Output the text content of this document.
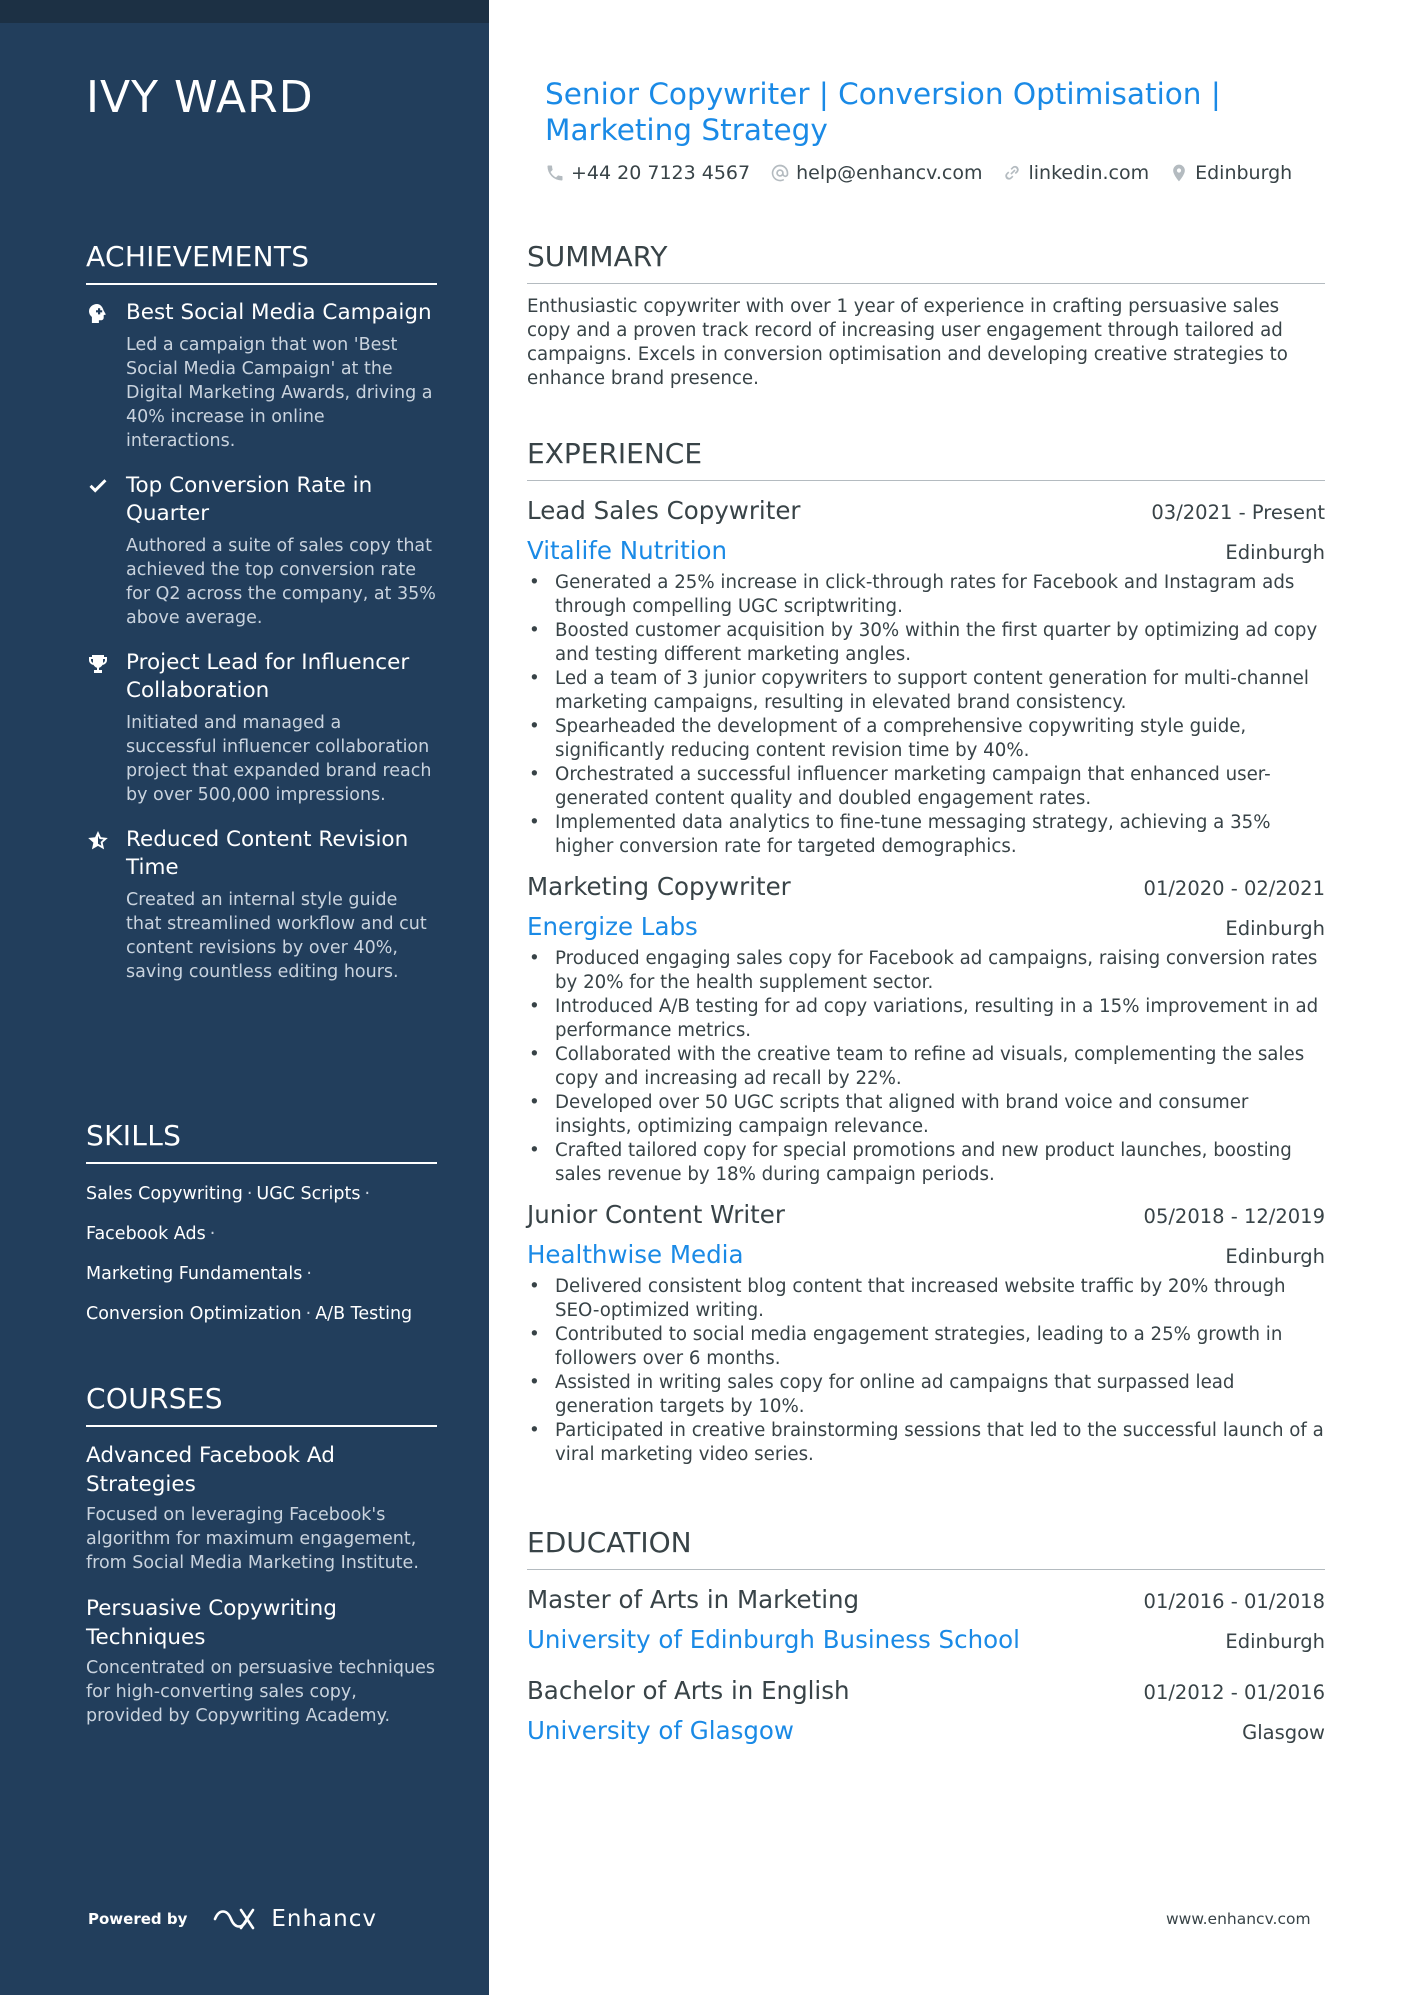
IVY WARD
ACHIEVEMENTS
Best Social Media Campaign
Led a campaign that won 'Best Social Media Campaign' at the Digital Marketing Awards, driving a 40% increase in online interactions.
Top Conversion Rate in Quarter
Authored a suite of sales copy that achieved the top conversion rate for Q2 across the company, at 35% above average.
Project Lead for Influencer Collaboration
Initiated and managed a successful influencer collaboration project that expanded brand reach by over 500,000 impressions.
Reduced Content Revision Time
Created an internal style guide that streamlined workflow and cut content revisions by over 40%, saving countless editing hours.
SKILLS
Sales Copywriting · UGC Scripts ·
Facebook Ads ·
Marketing Fundamentals ·
Conversion Optimization · A/B Testing
COURSES
Advanced Facebook Ad Strategies
Focused on leveraging Facebook's algorithm for maximum engagement, from Social Media Marketing Institute.
Persuasive Copywriting Techniques
Concentrated on persuasive techniques for high-converting sales copy, provided by Copywriting Academy.
Powered by	Enhancv
Senior Copywriter | Conversion Optimisation | Marketing Strategy
+44 20 7123 4567 help@enhancv.com linkedin.com Edinburgh
SUMMARY
Enthusiastic copywriter with over 1 year of experience in crafting persuasive sales copy and a proven track record of increasing user engagement through tailored ad campaigns. Excels in conversion optimisation and developing creative strategies to enhance brand presence.
EXPERIENCE
Lead Sales Copywriter	03/2021 - Present
Vitalife Nutrition	Edinburgh
• Generated a 25% increase in click-through rates for Facebook and Instagram ads through compelling UGC scriptwriting.
• Boosted customer acquisition by 30% within the first quarter by optimizing ad copy and testing different marketing angles.
• Led a team of 3 junior copywriters to support content generation for multi-channel marketing campaigns, resulting in elevated brand consistency.
• Spearheaded the development of a comprehensive copywriting style guide, significantly reducing content revision time by 40%.
• Orchestrated a successful influencer marketing campaign that enhanced user-generated content quality and doubled engagement rates.
• Implemented data analytics to fine-tune messaging strategy, achieving a 35% higher conversion rate for targeted demographics.
Marketing Copywriter	01/2020 - 02/2021
Energize Labs	Edinburgh
• Produced engaging sales copy for Facebook ad campaigns, raising conversion rates by 20% for the health supplement sector.
• Introduced A/B testing for ad copy variations, resulting in a 15% improvement in ad performance metrics.
• Collaborated with the creative team to refine ad visuals, complementing the sales copy and increasing ad recall by 22%.
• Developed over 50 UGC scripts that aligned with brand voice and consumer insights, optimizing campaign relevance.
• Crafted tailored copy for special promotions and new product launches, boosting sales revenue by 18% during campaign periods.
Junior Content Writer	05/2018 - 12/2019
Healthwise Media	Edinburgh
• Delivered consistent blog content that increased website traffic by 20% through SEO-optimized writing.
• Contributed to social media engagement strategies, leading to a 25% growth in followers over 6 months.
• Assisted in writing sales copy for online ad campaigns that surpassed lead generation targets by 10%.
• Participated in creative brainstorming sessions that led to the successful launch of a viral marketing video series.
EDUCATION
Master of Arts in Marketing	01/2016 - 01/2018
University of Edinburgh Business School	Edinburgh
Bachelor of Arts in English	01/2012 - 01/2016
University of Glasgow	Glasgow
www.enhancv.com
